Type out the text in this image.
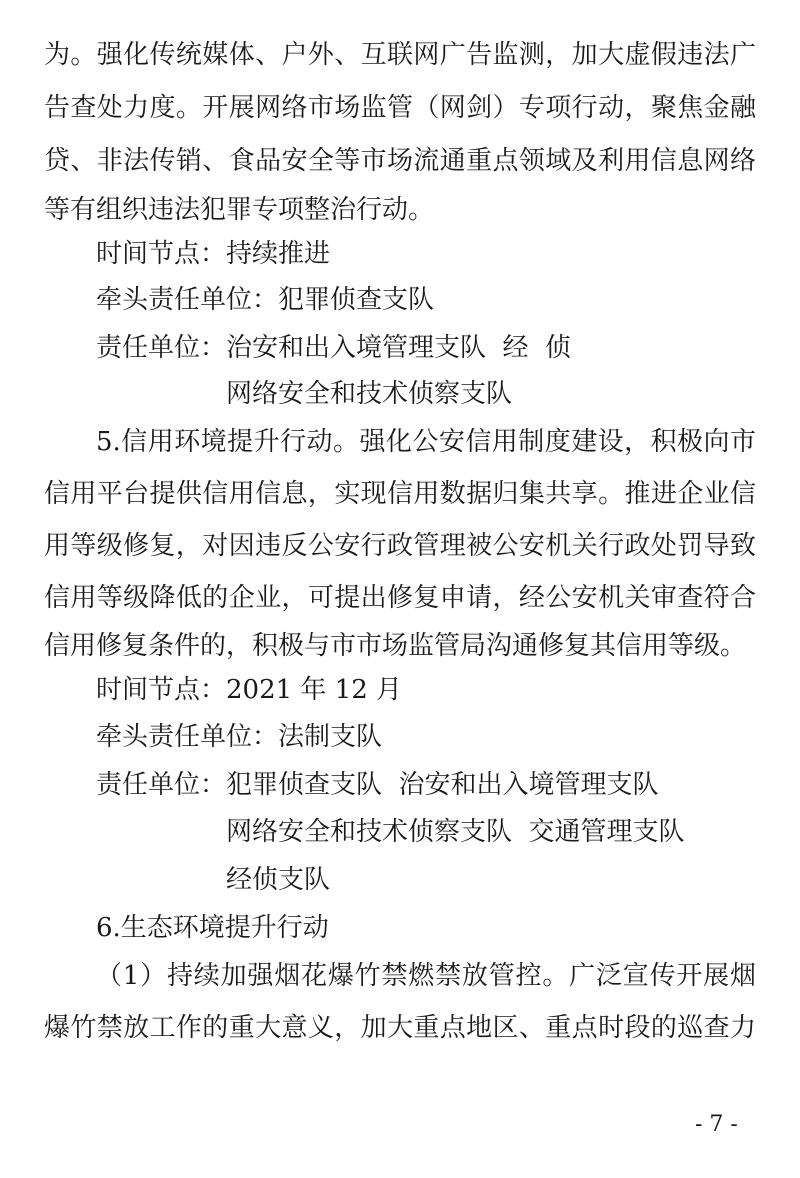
为。强化传统媒体、户外、互联网广告监测，加大虚假违法广
告查处力度。开展网络市场监管（网剑）专项行动，聚焦金融
贷、非法传销、食品安全等市场流通重点领域及利用信息网络
等有组织违法犯罪专项整治行动。
时间节点：持续推进
牵头责任单位：犯罪侦查支队
责任单位：治安和出入境管理支队  经  侦
网络安全和技术侦察支队
5.信用环境提升行动。强化公安信用制度建设，积极向市
信用平台提供信用信息，实现信用数据归集共享。推进企业信
用等级修复，对因违反公安行政管理被公安机关行政处罚导致
信用等级降低的企业，可提出修复申请，经公安机关审查符合
信用修复条件的，积极与市市场监管局沟通修复其信用等级。
时间节点：2021 年 12 月
牵头责任单位：法制支队
责任单位：犯罪侦查支队  治安和出入境管理支队
网络安全和技术侦察支队  交通管理支队
经侦支队
6.生态环境提升行动
（1）持续加强烟花爆竹禁燃禁放管控。广泛宣传开展烟
爆竹禁放工作的重大意义，加大重点地区、重点时段的巡查力
- 7 -
